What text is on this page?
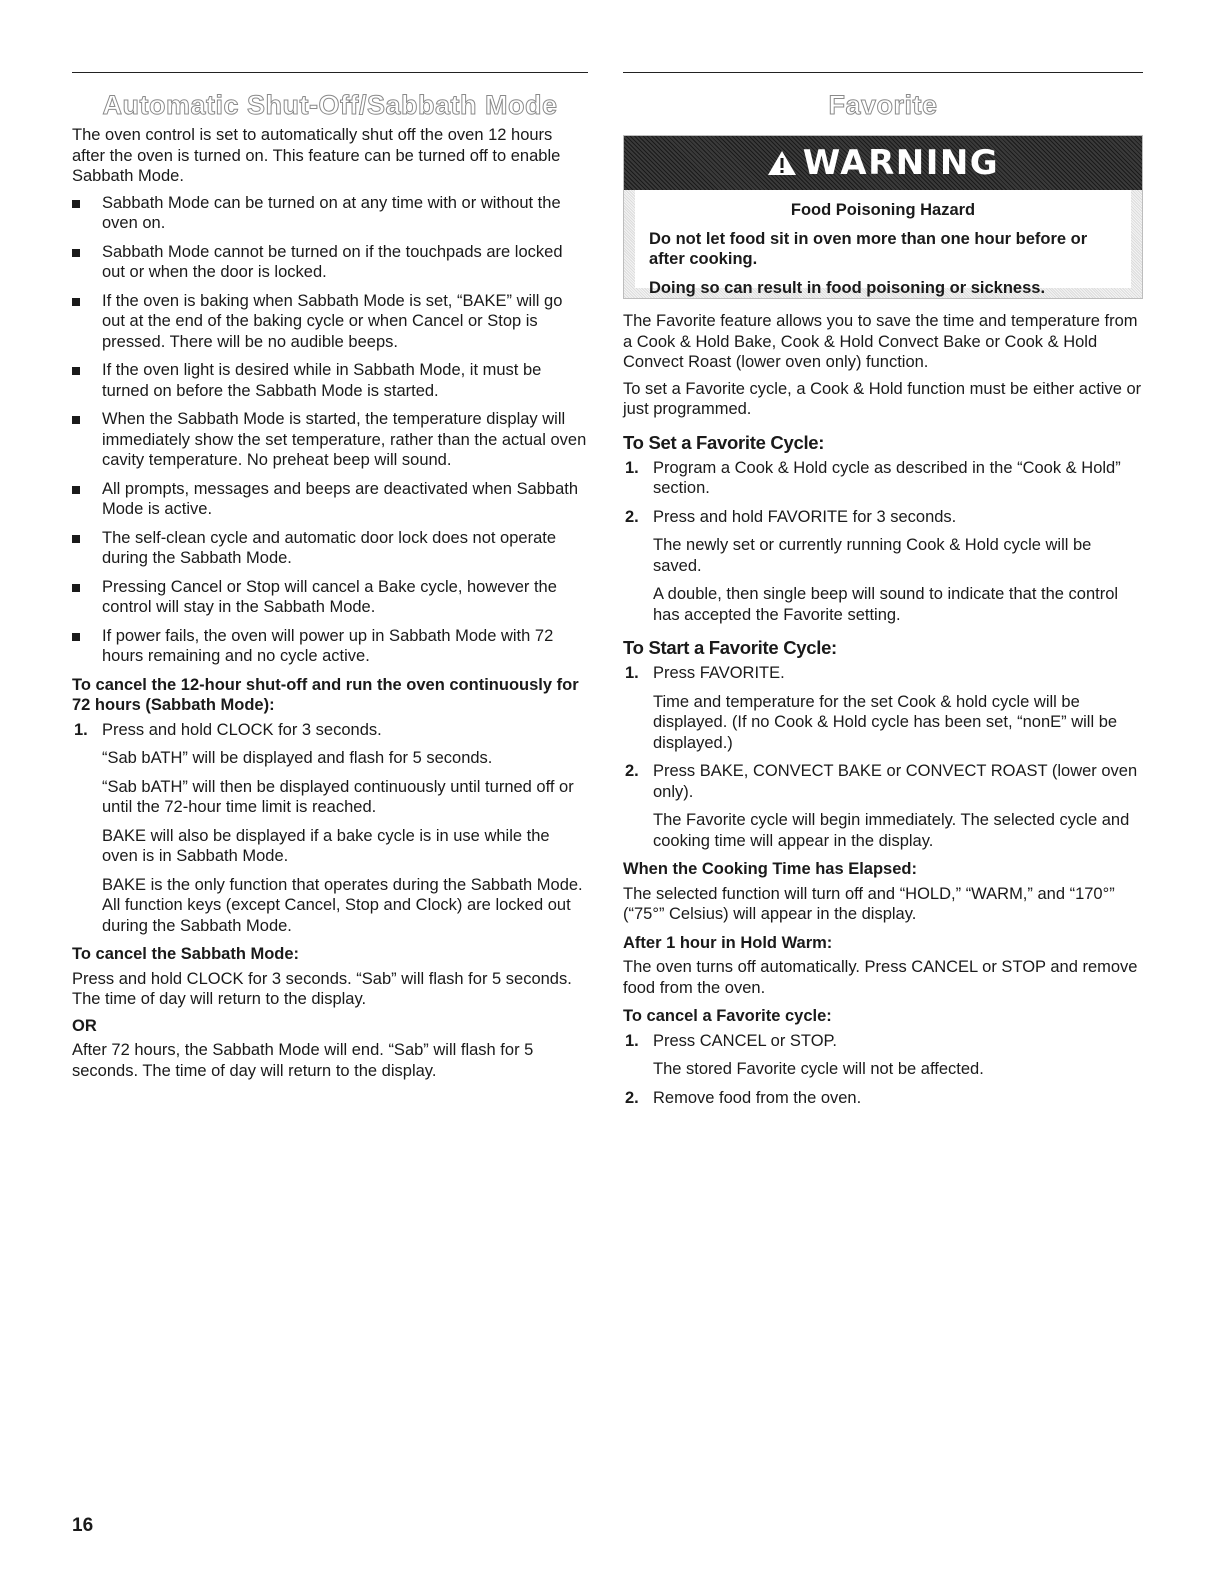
Automatic Shut-Off/Sabbath Mode

The oven control is set to automatically shut off the oven 12 hours after the oven is turned on. This feature can be turned off to enable Sabbath Mode.

Sabbath Mode can be turned on at any time with or without the oven on.
Sabbath Mode cannot be turned on if the touchpads are locked out or when the door is locked.
If the oven is baking when Sabbath Mode is set, “BAKE” will go out at the end of the baking cycle or when Cancel or Stop is pressed. There will be no audible beeps.
If the oven light is desired while in Sabbath Mode, it must be turned on before the Sabbath Mode is started.
When the Sabbath Mode is started, the temperature display will immediately show the set temperature, rather than the actual oven cavity temperature. No preheat beep will sound.
All prompts, messages and beeps are deactivated when Sabbath Mode is active.
The self-clean cycle and automatic door lock does not operate during the Sabbath Mode.
Pressing Cancel or Stop will cancel a Bake cycle, however the control will stay in the Sabbath Mode.
If power fails, the oven will power up in Sabbath Mode with 72 hours remaining and no cycle active.
To cancel the 12-hour shut-off and run the oven continuously for 72 hours (Sabbath Mode):
1. Press and hold CLOCK for 3 seconds.

“Sab bATH” will be displayed and flash for 5 seconds.

“Sab bATH” will then be displayed continuously until turned off or until the 72-hour time limit is reached.

BAKE will also be displayed if a bake cycle is in use while the oven is in Sabbath Mode.

BAKE is the only function that operates during the Sabbath Mode. All function keys (except Cancel, Stop and Clock) are locked out during the Sabbath Mode.

To cancel the Sabbath Mode:

Press and hold CLOCK for 3 seconds. “Sab” will flash for 5 seconds. The time of day will return to the display.

OR

After 72 hours, the Sabbath Mode will end. “Sab” will flash for 5 seconds. The time of day will return to the display.

Favorite
WARNING

Food Poisoning Hazard

Do not let food sit in oven more than one hour before or after cooking.

Doing so can result in food poisoning or sickness.

The Favorite feature allows you to save the time and temperature from a Cook & Hold Bake, Cook & Hold Convect Bake or Cook & Hold Convect Roast (lower oven only) function.

To set a Favorite cycle, a Cook & Hold function must be either active or just programmed.

To Set a Favorite Cycle:
1. Program a Cook & Hold cycle as described in the “Cook & Hold” section.

2. Press and hold FAVORITE for 3 seconds.

The newly set or currently running Cook & Hold cycle will be saved.

A double, then single beep will sound to indicate that the control has accepted the Favorite setting.

To Start a Favorite Cycle:
1. Press FAVORITE.

Time and temperature for the set Cook & hold cycle will be displayed. (If no Cook & Hold cycle has been set, “nonE” will be displayed.)

2. Press BAKE, CONVECT BAKE or CONVECT ROAST (lower oven only).

The Favorite cycle will begin immediately. The selected cycle and cooking time will appear in the display.

When the Cooking Time has Elapsed:

The selected function will turn off and “HOLD,” “WARM,” and “170°” (“75°” Celsius) will appear in the display.

After 1 hour in Hold Warm:

The oven turns off automatically. Press CANCEL or STOP and remove food from the oven.

To cancel a Favorite cycle:
1. Press CANCEL or STOP.

The stored Favorite cycle will not be affected.

2. Remove food from the oven.

16
